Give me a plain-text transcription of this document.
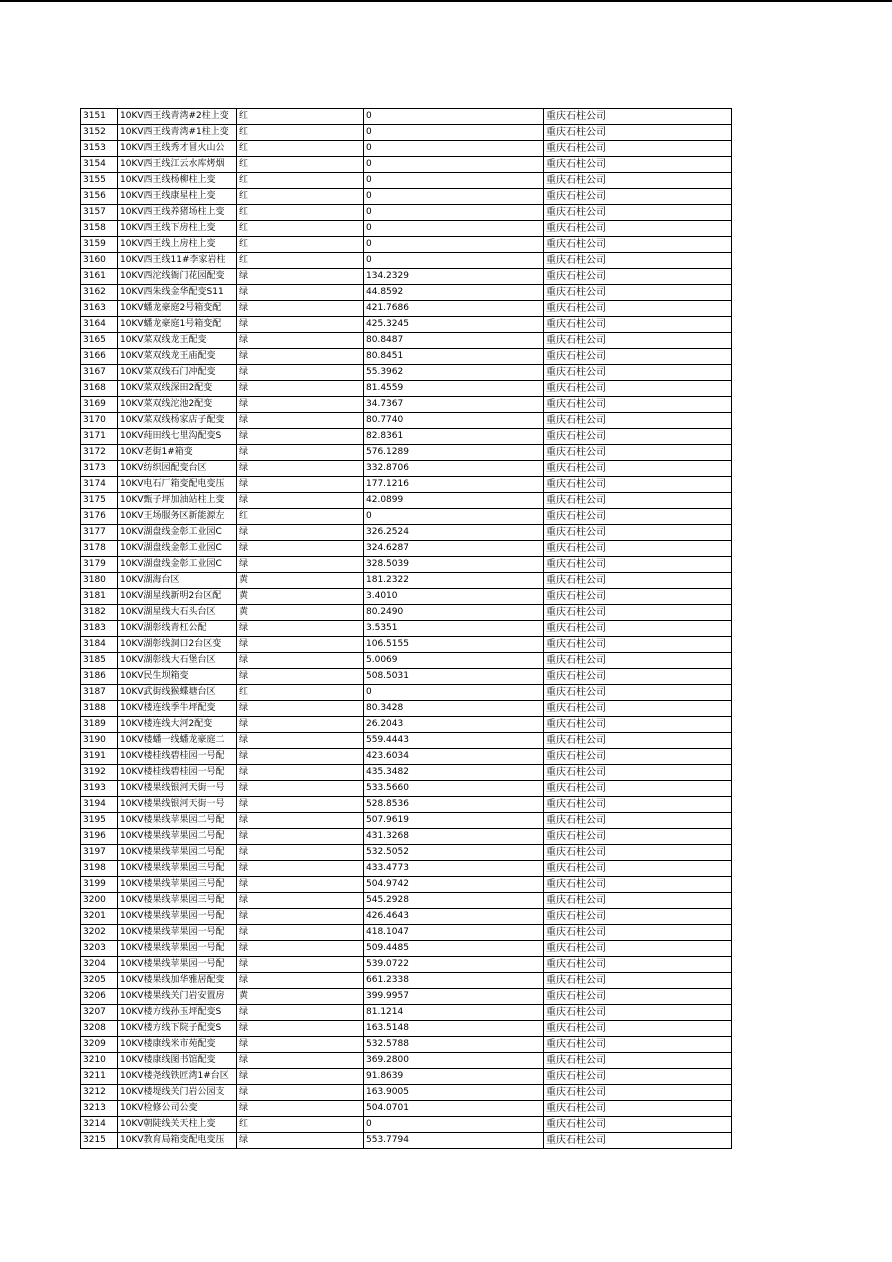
3151	10KV西王线青湾#2柱上变	红	0	重庆石柱公司
3152	10KV西王线青湾#1柱上变	红	0	重庆石柱公司
3153	10KV西王线秀才冒火山公	红	0	重庆石柱公司
3154	10KV西王线江云水库烤烟	红	0	重庆石柱公司
3155	10KV西王线杨柳柱上变	红	0	重庆石柱公司
3156	10KV西王线康星柱上变	红	0	重庆石柱公司
3157	10KV西王线养猪场柱上变	红	0	重庆石柱公司
3158	10KV西王线下房柱上变	红	0	重庆石柱公司
3159	10KV西王线上房柱上变	红	0	重庆石柱公司
3160	10KV西王线11#李家岩柱	红	0	重庆石柱公司
3161	10KV西沱线衙门花园配变	绿	134.2329	重庆石柱公司
3162	10KV西朱线金华配变S11	绿	44.8592	重庆石柱公司
3163	10KV蟠龙豪庭2号箱变配	绿	421.7686	重庆石柱公司
3164	10KV蟠龙豪庭1号箱变配	绿	425.3245	重庆石柱公司
3165	10KV菜双线龙王配变	绿	80.8487	重庆石柱公司
3166	10KV菜双线龙王庙配变	绿	80.8451	重庆石柱公司
3167	10KV菜双线石门冲配变	绿	55.3962	重庆石柱公司
3168	10KV菜双线深田2配变	绿	81.4559	重庆石柱公司
3169	10KV菜双线沱池2配变	绿	34.7367	重庆石柱公司
3170	10KV菜双线杨家店子配变	绿	80.7740	重庆石柱公司
3171	10KV莼田线七里沟配变S	绿	82.8361	重庆石柱公司
3172	10KV老街1#箱变	绿	576.1289	重庆石柱公司
3173	10KV纺织园配变台区	绿	332.8706	重庆石柱公司
3174	10KV电石厂箱变配电变压	绿	177.1216	重庆石柱公司
3175	10KV甄子坪加油站柱上变	绿	42.0899	重庆石柱公司
3176	10KV王场服务区新能源左	红	0	重庆石柱公司
3177	10KV湖盘线金彰工业园C	绿	326.2524	重庆石柱公司
3178	10KV湖盘线金彰工业园C	绿	324.6287	重庆石柱公司
3179	10KV湖盘线金彰工业园C	绿	328.5039	重庆石柱公司
3180	10KV湖海台区	黄	181.2322	重庆石柱公司
3181	10KV湖星线新明2台区配	黄	3.4010	重庆石柱公司
3182	10KV湖星线大石头台区	黄	80.2490	重庆石柱公司
3183	10KV湖彰线青杠公配	绿	3.5351	重庆石柱公司
3184	10KV湖彰线洞口2台区变	绿	106.5155	重庆石柱公司
3185	10KV湖彰线大石堡台区	绿	5.0069	重庆石柱公司
3186	10KV民生坝箱变	绿	508.5031	重庆石柱公司
3187	10KV武街线猴蝶塘台区	红	0	重庆石柱公司
3188	10KV楼连线季牛坪配变	绿	80.3428	重庆石柱公司
3189	10KV楼连线大河2配变	绿	26.2043	重庆石柱公司
3190	10KV楼蟠一线蟠龙豪庭二	绿	559.4443	重庆石柱公司
3191	10KV楼桂线碧桂园一号配	绿	423.6034	重庆石柱公司
3192	10KV楼桂线碧桂园一号配	绿	435.3482	重庆石柱公司
3193	10KV楼果线银河天街一号	绿	533.5660	重庆石柱公司
3194	10KV楼果线银河天街一号	绿	528.8536	重庆石柱公司
3195	10KV楼果线苹果园二号配	绿	507.9619	重庆石柱公司
3196	10KV楼果线苹果园二号配	绿	431.3268	重庆石柱公司
3197	10KV楼果线苹果园二号配	绿	532.5052	重庆石柱公司
3198	10KV楼果线苹果园三号配	绿	433.4773	重庆石柱公司
3199	10KV楼果线苹果园三号配	绿	504.9742	重庆石柱公司
3200	10KV楼果线苹果园三号配	绿	545.2928	重庆石柱公司
3201	10KV楼果线苹果园一号配	绿	426.4643	重庆石柱公司
3202	10KV楼果线苹果园一号配	绿	418.1047	重庆石柱公司
3203	10KV楼果线苹果园一号配	绿	509.4485	重庆石柱公司
3204	10KV楼果线苹果园一号配	绿	539.0722	重庆石柱公司
3205	10KV楼果线加华雅居配变	绿	661.2338	重庆石柱公司
3206	10KV楼果线关门岩安置房	黄	399.9957	重庆石柱公司
3207	10KV楼方线孙玉坪配变S	绿	81.1214	重庆石柱公司
3208	10KV楼方线下院子配变S	绿	163.5148	重庆石柱公司
3209	10KV楼康线米市苑配变	绿	532.5788	重庆石柱公司
3210	10KV楼康线图书馆配变	绿	369.2800	重庆石柱公司
3211	10KV楼尧线铁匠湾1#台区	绿	91.8639	重庆石柱公司
3212	10KV楼堤线关门岩公园支	绿	163.9005	重庆石柱公司
3213	10KV检修公司公变	绿	504.0701	重庆石柱公司
3214	10KV朝陡线关天柱上变	红	0	重庆石柱公司
3215	10KV教育局箱变配电变压	绿	553.7794	重庆石柱公司
